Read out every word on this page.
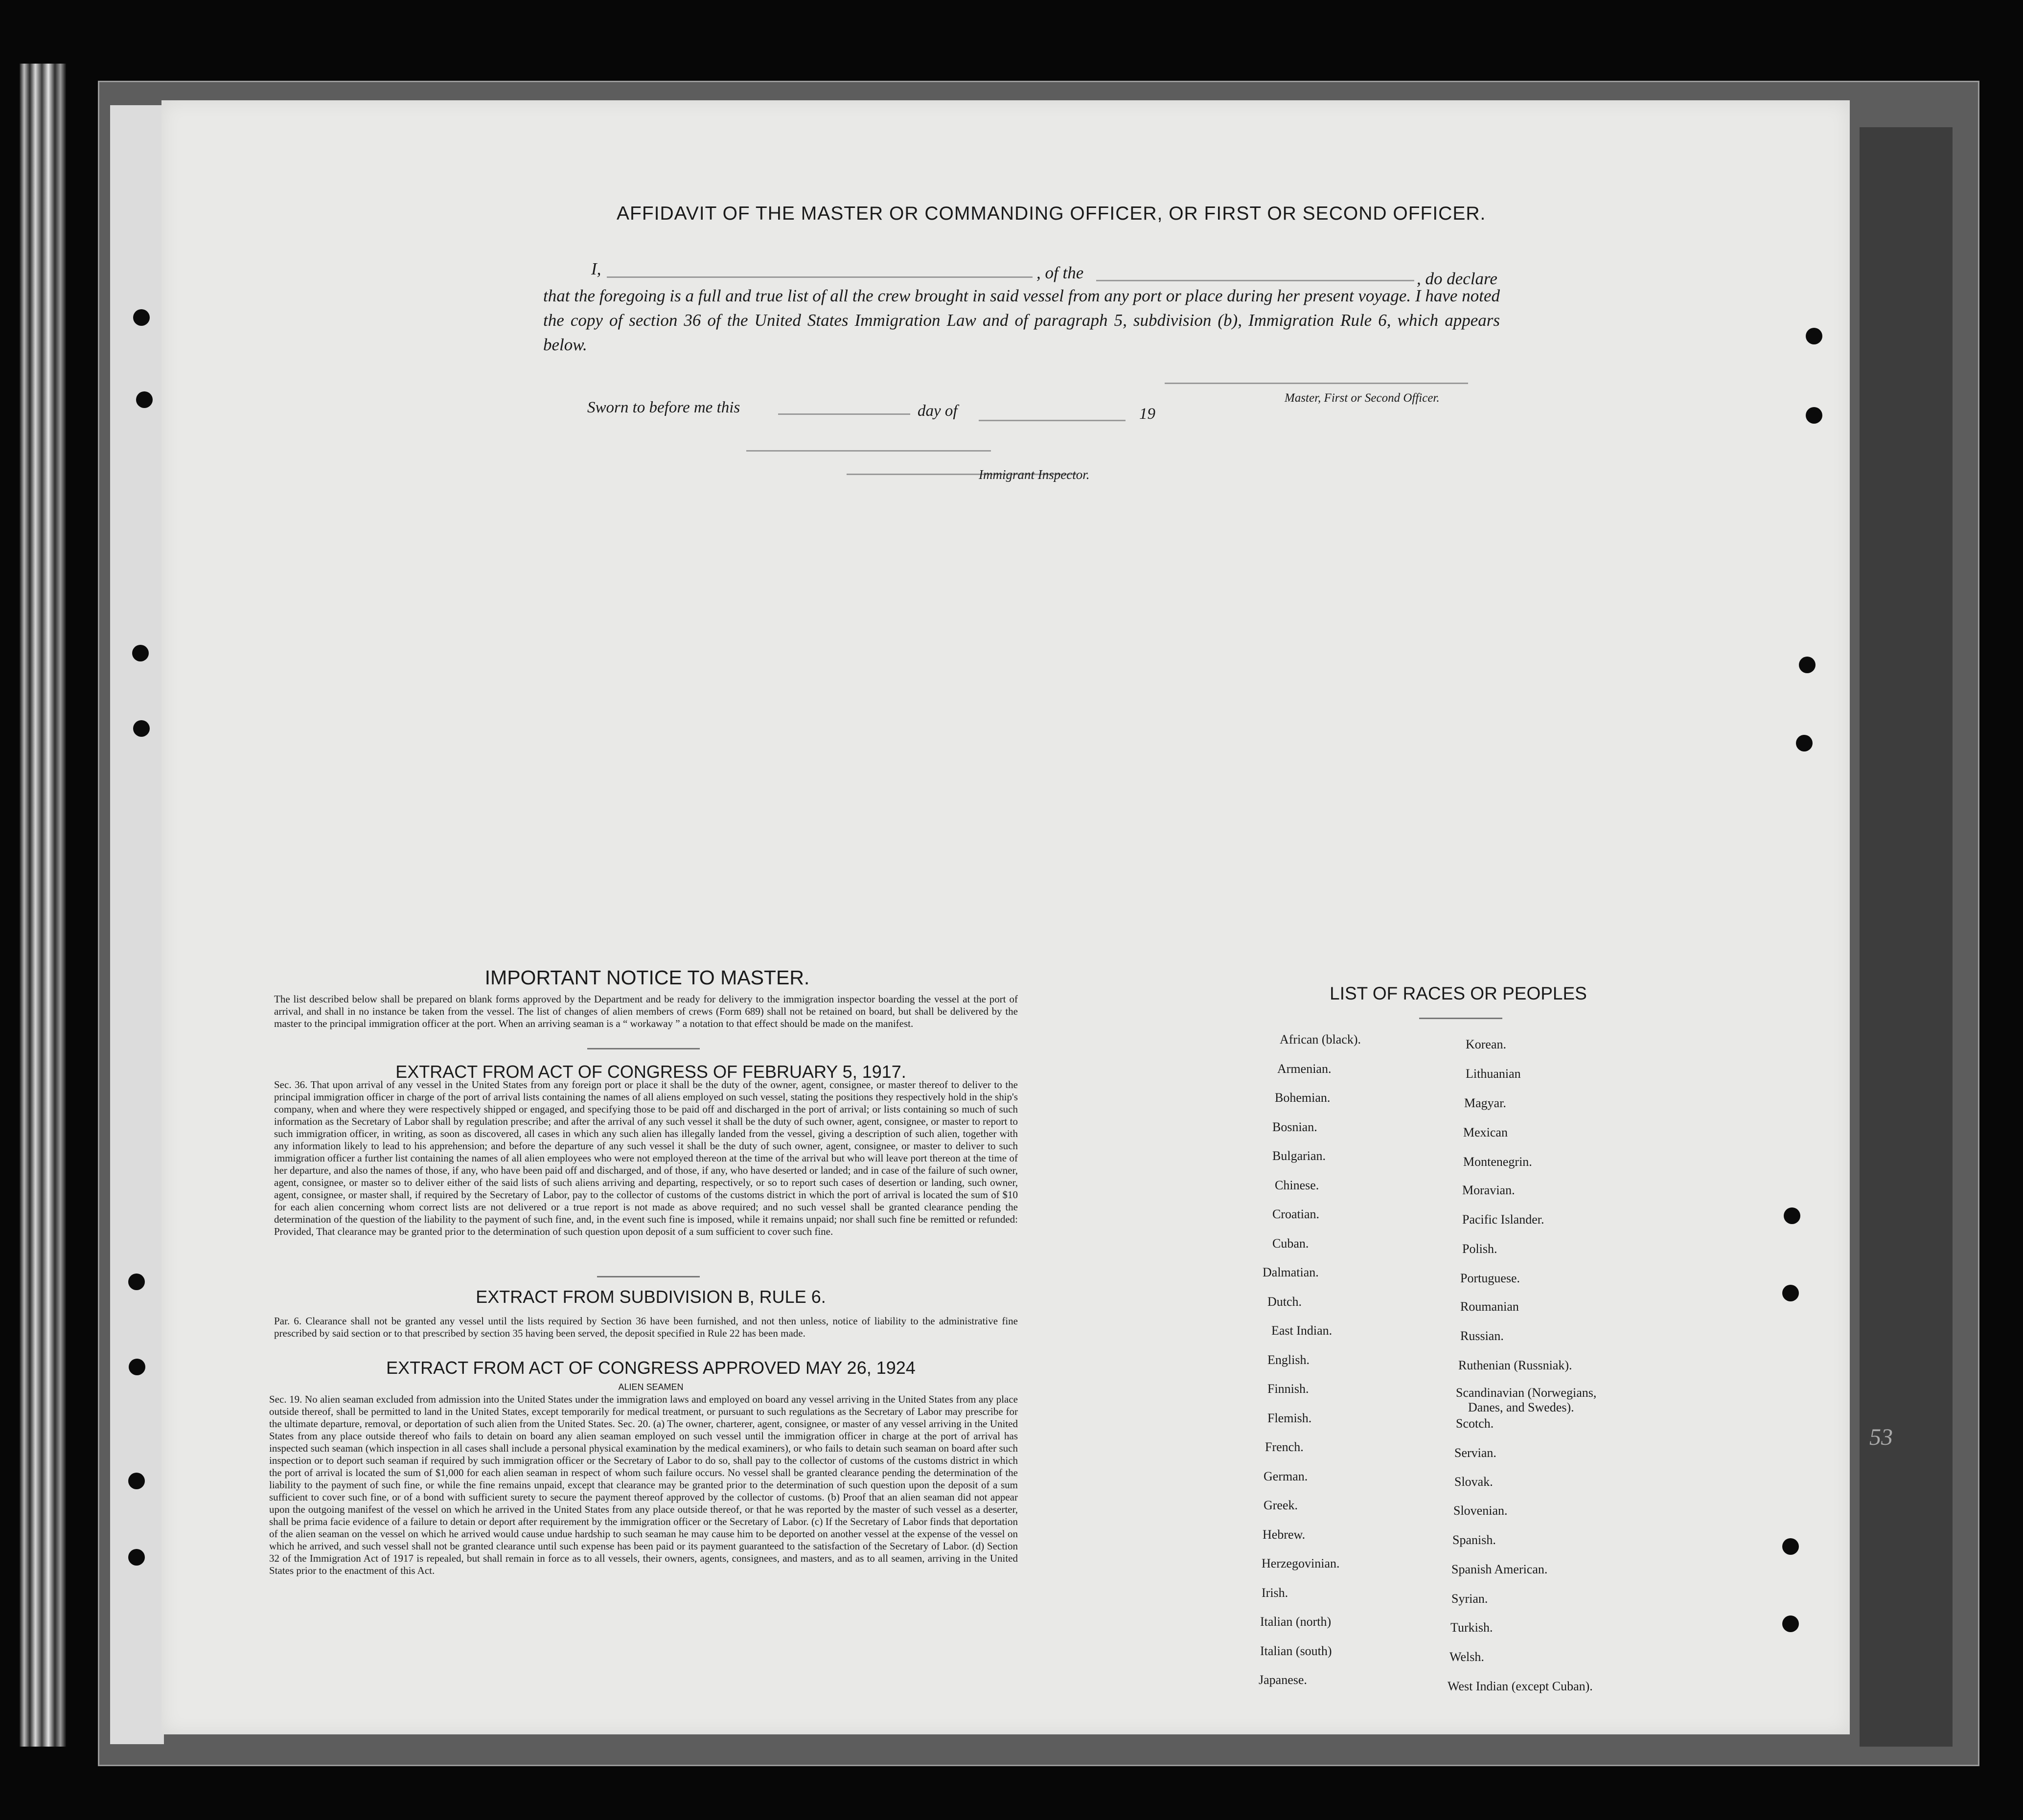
AFFIDAVIT OF THE MASTER OR COMMANDING OFFICER, OR FIRST OR SECOND OFFICER.
I,	, of the	, do declare
that the foregoing is a full and true list of all the crew brought in said vessel from any port or place during her present voyage. I have noted the copy of section 36 of the United States Immigration Law and of paragraph 5, subdivision (b), Immigration Rule 6, which appears below.
Master, First or Second Officer.
Sworn to before me this	day of	19
Immigrant Inspector.
IMPORTANT NOTICE TO MASTER.
The list described below shall be prepared on blank forms approved by the Department and be ready for delivery to the immigration inspector boarding the vessel at the port of arrival, and shall in no instance be taken from the vessel. The list of changes of alien members of crews (Form 689) shall not be retained on board, but shall be delivered by the master to the principal immigration officer at the port. When an arriving seaman is a “ workaway ” a notation to that effect should be made on the manifest.
EXTRACT FROM ACT OF CONGRESS OF FEBRUARY 5, 1917.
Sec. 36. That upon arrival of any vessel in the United States from any foreign port or place it shall be the duty of the owner, agent, consignee, or master thereof to deliver to the principal immigration officer in charge of the port of arrival lists containing the names of all aliens employed on such vessel, stating the positions they respectively hold in the ship's company, when and where they were respectively shipped or engaged, and specifying those to be paid off and discharged in the port of arrival; or lists containing so much of such information as the Secretary of Labor shall by regulation prescribe; and after the arrival of any such vessel it shall be the duty of such owner, agent, consignee, or master to report to such immigration officer, in writing, as soon as discovered, all cases in which any such alien has illegally landed from the vessel, giving a description of such alien, together with any information likely to lead to his apprehension; and before the departure of any such vessel it shall be the duty of such owner, agent, consignee, or master to deliver to such immigration officer a further list containing the names of all alien employees who were not employed thereon at the time of the arrival but who will leave port thereon at the time of her departure, and also the names of those, if any, who have been paid off and discharged, and of those, if any, who have deserted or landed; and in case of the failure of such owner, agent, consignee, or master so to deliver either of the said lists of such aliens arriving and departing, respectively, or so to report such cases of desertion or landing, such owner, agent, consignee, or master shall, if required by the Secretary of Labor, pay to the collector of customs of the customs district in which the port of arrival is located the sum of $10 for each alien concerning whom correct lists are not delivered or a true report is not made as above required; and no such vessel shall be granted clearance pending the determination of the question of the liability to the payment of such fine, and, in the event such fine is imposed, while it remains unpaid; nor shall such fine be remitted or refunded: Provided, That clearance may be granted prior to the determination of such question upon deposit of a sum sufficient to cover such fine.
EXTRACT FROM SUBDIVISION B, RULE 6.
Par. 6. Clearance shall not be granted any vessel until the lists required by Section 36 have been furnished, and not then unless, notice of liability to the administrative fine prescribed by said section or to that prescribed by section 35 having been served, the deposit specified in Rule 22 has been made.
EXTRACT FROM ACT OF CONGRESS APPROVED MAY 26, 1924
ALIEN SEAMEN
Sec. 19. No alien seaman excluded from admission into the United States under the immigration laws and employed on board any vessel arriving in the United States from any place outside thereof, shall be permitted to land in the United States, except temporarily for medical treatment, or pursuant to such regulations as the Secretary of Labor may prescribe for the ultimate departure, removal, or deportation of such alien from the United States. Sec. 20. (a) The owner, charterer, agent, consignee, or master of any vessel arriving in the United States from any place outside thereof who fails to detain on board any alien seaman employed on such vessel until the immigration officer in charge at the port of arrival has inspected such seaman (which inspection in all cases shall include a personal physical examination by the medical examiners), or who fails to detain such seaman on board after such inspection or to deport such seaman if required by such immigration officer or the Secretary of Labor to do so, shall pay to the collector of customs of the customs district in which the port of arrival is located the sum of $1,000 for each alien seaman in respect of whom such failure occurs. No vessel shall be granted clearance pending the determination of the liability to the payment of such fine, or while the fine remains unpaid, except that clearance may be granted prior to the determination of such question upon the deposit of a sum sufficient to cover such fine, or of a bond with sufficient surety to secure the payment thereof approved by the collector of customs. (b) Proof that an alien seaman did not appear upon the outgoing manifest of the vessel on which he arrived in the United States from any place outside thereof, or that he was reported by the master of such vessel as a deserter, shall be prima facie evidence of a failure to detain or deport after requirement by the immigration officer or the Secretary of Labor. (c) If the Secretary of Labor finds that deportation of the alien seaman on the vessel on which he arrived would cause undue hardship to such seaman he may cause him to be deported on another vessel at the expense of the vessel on which he arrived, and such vessel shall not be granted clearance until such expense has been paid or its payment guaranteed to the satisfaction of the Secretary of Labor. (d) Section 32 of the Immigration Act of 1917 is repealed, but shall remain in force as to all vessels, their owners, agents, consignees, and masters, and as to all seamen, arriving in the United States prior to the enactment of this Act.
LIST OF RACES OR PEOPLES
African (black).
Armenian.
Bohemian.
Bosnian.
Bulgarian.
Chinese.
Croatian.
Cuban.
Dalmatian.
Dutch.
East Indian.
English.
Finnish.
Flemish.
French.
German.
Greek.
Hebrew.
Herzegovinian.
Irish.
Italian (north)
Italian (south)
Japanese.
Korean.
Lithuanian
Magyar.
Mexican
Montenegrin.
Moravian.
Pacific Islander.
Polish.
Portuguese.
Roumanian
Russian.
Ruthenian (Russniak).
Scandinavian (Norwegians,
Danes, and Swedes).
Scotch.
Servian.
Slovak.
Slovenian.
Spanish.
Spanish American.
Syrian.
Turkish.
Welsh.
West Indian (except Cuban).
53
